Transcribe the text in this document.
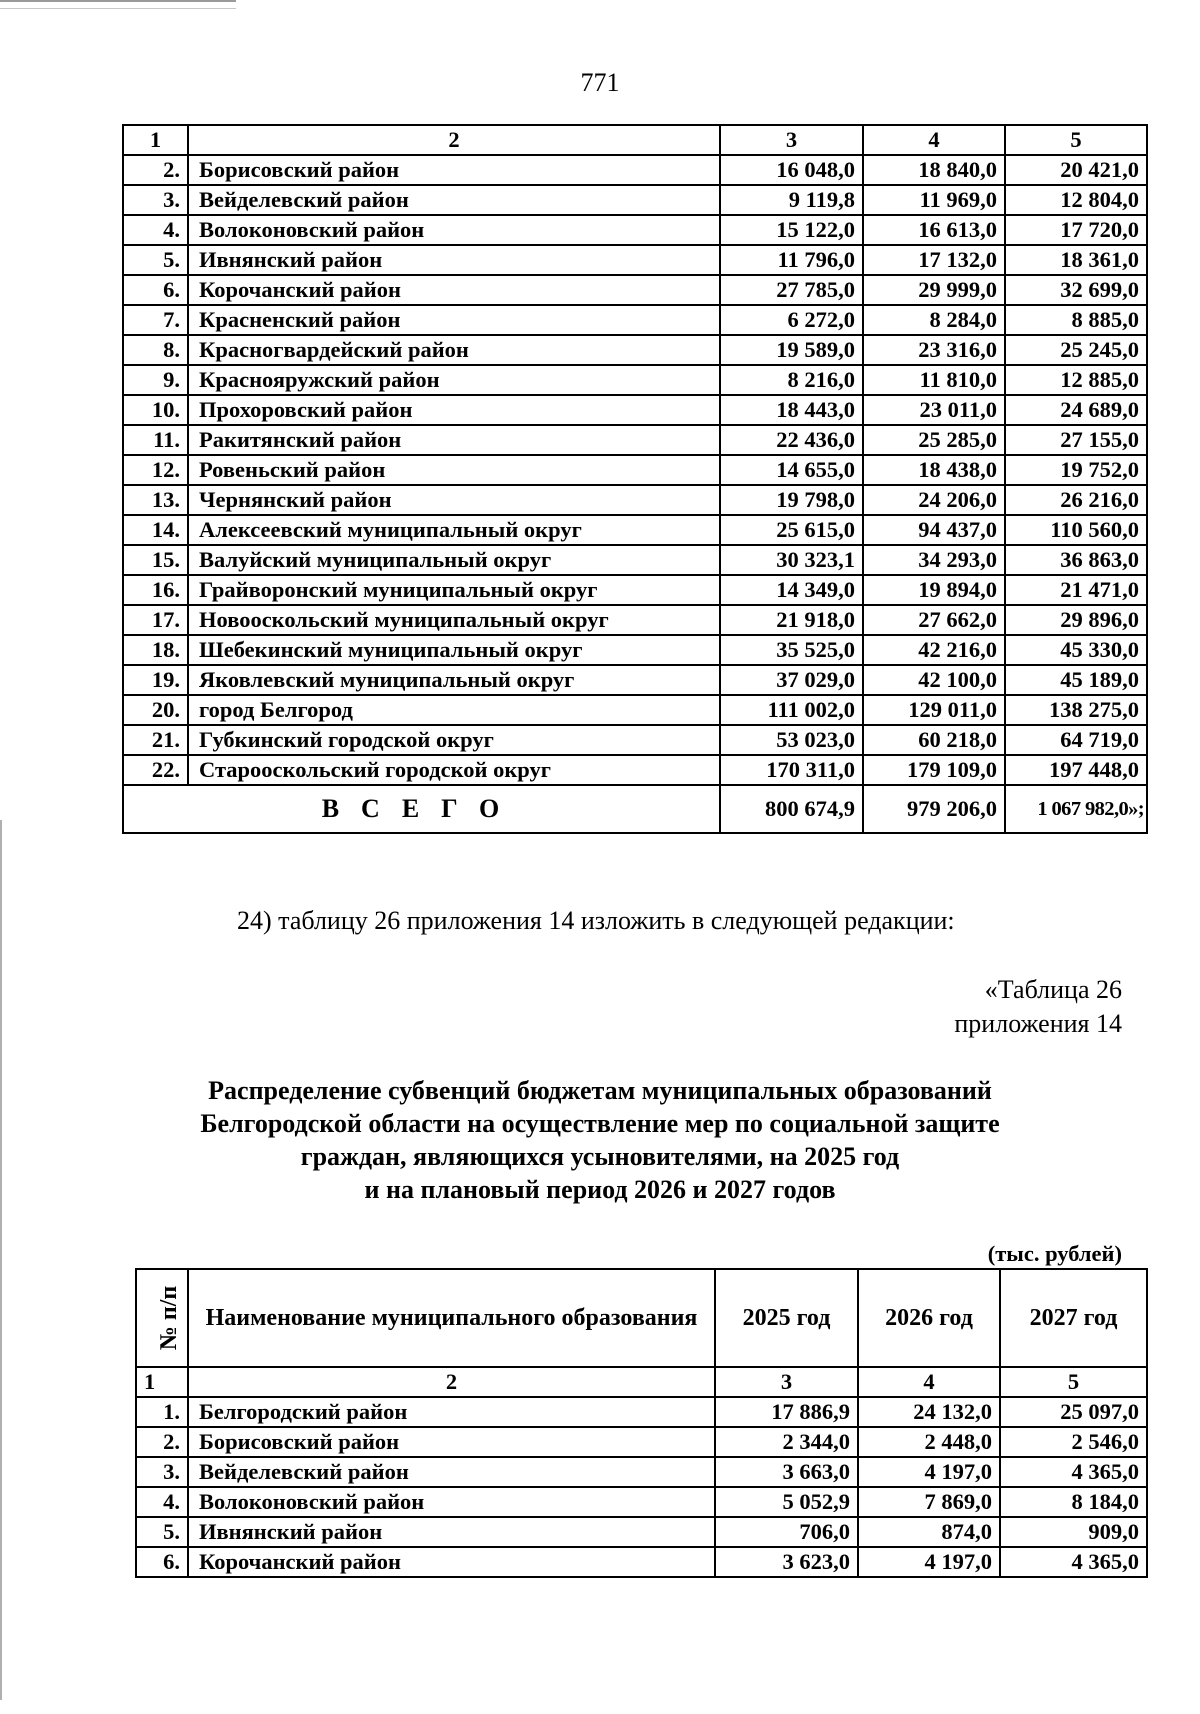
771
1	2	3	4	5
2.	Борисовский район	16 048,0	18 840,0	20 421,0
3.	Вейделевский район	9 119,8	11 969,0	12 804,0
4.	Волоконовский район	15 122,0	16 613,0	17 720,0
5.	Ивнянский район	11 796,0	17 132,0	18 361,0
6.	Корочанский район	27 785,0	29 999,0	32 699,0
7.	Красненский район	6 272,0	8 284,0	8 885,0
8.	Красногвардейский район	19 589,0	23 316,0	25 245,0
9.	Краснояружский район	8 216,0	11 810,0	12 885,0
10.	Прохоровский район	18 443,0	23 011,0	24 689,0
11.	Ракитянский район	22 436,0	25 285,0	27 155,0
12.	Ровеньский район	14 655,0	18 438,0	19 752,0
13.	Чернянский район	19 798,0	24 206,0	26 216,0
14.	Алексеевский муниципальный округ	25 615,0	94 437,0	110 560,0
15.	Валуйский муниципальный округ	30 323,1	34 293,0	36 863,0
16.	Грайворонский муниципальный округ	14 349,0	19 894,0	21 471,0
17.	Новооскольский муниципальный округ	21 918,0	27 662,0	29 896,0
18.	Шебекинский муниципальный округ	35 525,0	42 216,0	45 330,0
19.	Яковлевский муниципальный округ	37 029,0	42 100,0	45 189,0
20.	город Белгород	111 002,0	129 011,0	138 275,0
21.	Губкинский городской округ	53 023,0	60 218,0	64 719,0
22.	Старооскольский городской округ	170 311,0	179 109,0	197 448,0
ВСЕГО		800 674,9	979 206,0	1 067 982,0»;
24) таблицу 26 приложения 14 изложить в следующей редакции:
«Таблица 26
приложения 14
Распределение субвенций бюджетам муниципальных образований
Белгородской области на осуществление мер по социальной защите
граждан, являющихся усыновителями, на 2025 год
и на плановый период 2026 и 2027 годов
(тыс. рублей)
№ п/п	Наименование муниципального образования	2025 год	2026 год	2027 год
1	2	3	4	5
1.	Белгородский район	17 886,9	24 132,0	25 097,0
2.	Борисовский район	2 344,0	2 448,0	2 546,0
3.	Вейделевский район	3 663,0	4 197,0	4 365,0
4.	Волоконовский район	5 052,9	7 869,0	8 184,0
5.	Ивнянский район	706,0	874,0	909,0
6.	Корочанский район	3 623,0	4 197,0	4 365,0
